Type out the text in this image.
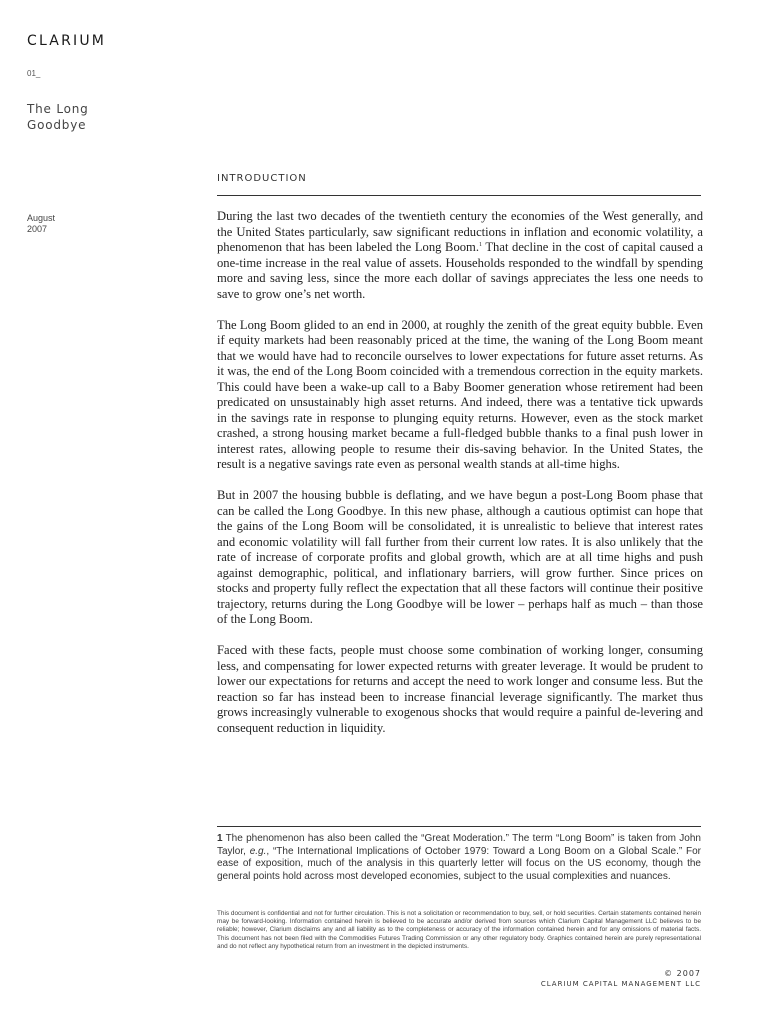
CLARIUM
01_
The Long
Goodbye
August
2007
INTRODUCTION

During the last two decades of the twentieth century the economies of the West generally, and the United States particularly, saw significant reductions in inflation and economic volatility, a phenomenon that has been labeled the Long Boom.$^1$ That decline in the cost of capital caused a one-time increase in the real value of assets. Households responded to the windfall by spending more and saving less, since the more each dollar of savings appreciates the less one needs to save to grow one’s net worth.

The Long Boom glided to an end in 2000, at roughly the zenith of the great equity bubble. Even if equity markets had been reasonably priced at the time, the waning of the Long Boom meant that we would have had to reconcile ourselves to lower expectations for future asset returns. As it was, the end of the Long Boom coincided with a tremendous correction in the equity markets. This could have been a wake-up call to a Baby Boomer generation whose retirement had been predicated on unsustainably high asset returns. And indeed, there was a tentative tick upwards in the savings rate in response to plunging equity returns. However, even as the stock market crashed, a strong housing market became a full-fledged bubble thanks to a final push lower in interest rates, allowing people to resume their dis-saving behavior. In the United States, the result is a negative savings rate even as personal wealth stands at all-time highs.

But in 2007 the housing bubble is deflating, and we have begun a post-Long Boom phase that can be called the Long Goodbye. In this new phase, although a cautious optimist can hope that the gains of the Long Boom will be consolidated, it is unrealistic to believe that interest rates and economic volatility will fall further from their current low rates. It is also unlikely that the rate of increase of corporate profits and global growth, which are at all time highs and push against demographic, political, and inflationary barriers, will grow further. Since prices on stocks and property fully reflect the expectation that all these factors will continue their positive trajectory, returns during the Long Goodbye will be lower – perhaps half as much – than those of the Long Boom.

Faced with these facts, people must choose some combination of working longer, consuming less, and compensating for lower expected returns with greater leverage. It would be prudent to lower our expectations for returns and accept the need to work longer and consume less. But the reaction so far has instead been to increase financial leverage significantly. The market thus grows increasingly vulnerable to exogenous shocks that would require a painful de-levering and consequent reduction in liquidity.

1 The phenomenon has also been called the “Great Moderation.” The term “Long Boom” is taken from John Taylor, e.g., “The International Implications of October 1979: Toward a Long Boom on a Global Scale.” For ease of exposition, much of the analysis in this quarterly letter will focus on the US economy, though the general points hold across most developed economies, subject to the usual complexities and nuances.
This document is confidential and not for further circulation. This is not a solicitation or recommendation to buy, sell, or hold securities. Certain statements contained herein may be forward-looking. Information contained herein is believed to be accurate and/or derived from sources which Clarium Capital Management LLC believes to be reliable; however, Clarium disclaims any and all liability as to the completeness or accuracy of the information contained herein and for any omissions of material facts. This document has not been filed with the Commodities Futures Trading Commission or any other regulatory body. Graphics contained herein are purely representational and do not reflect any hypothetical return from an investment in the depicted instruments.
© 2007
CLARIUM CAPITAL MANAGEMENT LLC
